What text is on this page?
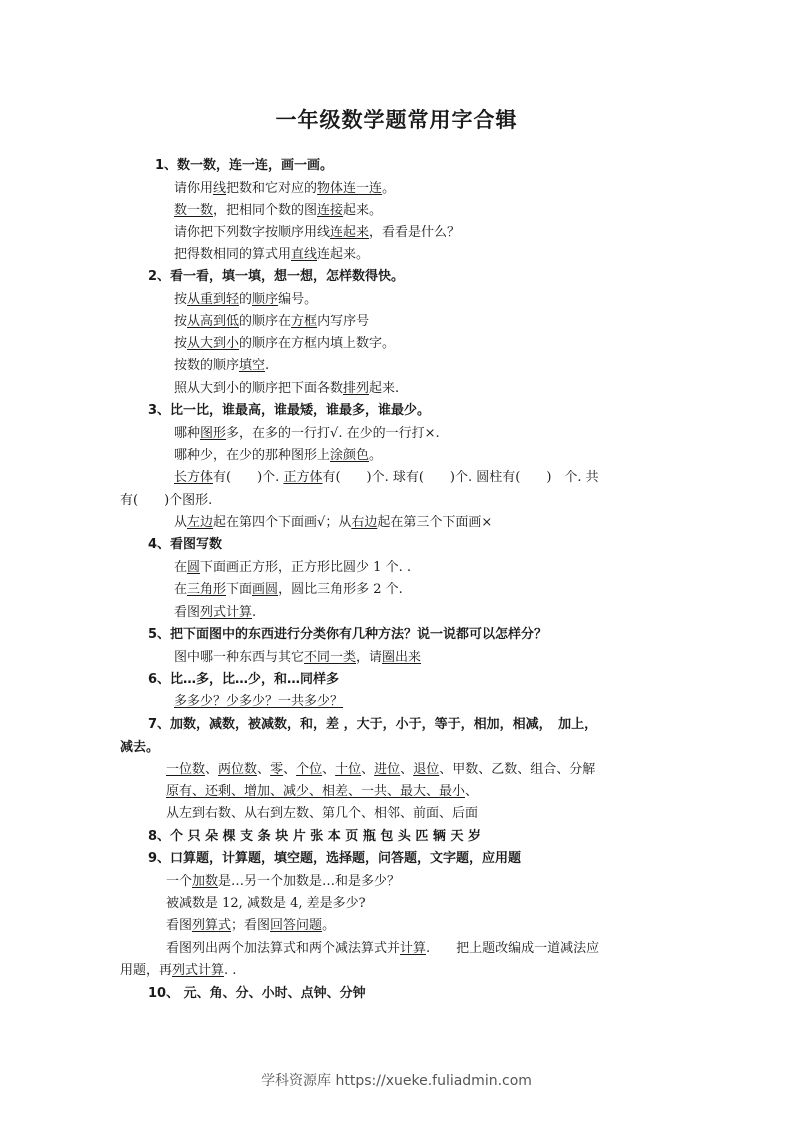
一年级数学题常用字合辑
1、数一数，连一连，画一画。
请你用线把数和它对应的物体连一连。
数一数，把相同个数的图连接起来。
请你把下列数字按顺序用线连起来，看看是什么？
把得数相同的算式用直线连起来。
2、看一看，填一填，想一想，怎样数得快。
按从重到轻的顺序编号。
按从高到低的顺序在方框内写序号
按从大到小的顺序在方框内填上数字。
按数的顺序填空.
照从大到小的顺序把下面各数排列起来.
3、比一比，谁最高，谁最矮，谁最多，谁最少。
哪种图形多，在多的一行打√. 在少的一行打×.
哪种少，在少的那种图形上涂颜色。
长方体有(　　)个. 正方体有(　　)个. 球有(　　)个. 圆柱有(　　)　个. 共
有(　　)个图形.
从左边起在第四个下面画√；从右边起在第三个下面画×
4、看图写数
在圆下面画正方形，正方形比圆少 1 个. .
在三角形下面画圆，圆比三角形多 2 个.
看图列式计算.
5、把下面图中的东西进行分类你有几种方法？说一说都可以怎样分？
图中哪一种东西与其它不同一类，请圈出来
6、比…多，比…少，和…同样多
多多少？少多少？一共多少？
7、加数，减数，被减数，和，差 ，大于，小于，等于，相加，相减，　加上，
减去。
一位数、两位数、零、个位、十位、进位、退位、甲数、乙数、组合、分解
原有、还剩、增加、减少、相差、一共、最大、最小、
从左到右数、从右到左数、第几个、相邻、前面、后面
8、个 只 朵 棵 支 条 块 片 张 本 页 瓶 包 头 匹 辆 天 岁
9、口算题，计算题，填空题，选择题，问答题，文字题，应用题
一个加数是…另一个加数是…和是多少？
被减数是 12, 减数是 4, 差是多少?
看图列算式；看图回答问题。
看图列出两个加法算式和两个减法算式并计算.　　把上题改编成一道减法应
用题，再列式计算. .
10、 元、角、分、小时、点钟、分钟
学科资源库 https://xueke.fuliadmin.com
